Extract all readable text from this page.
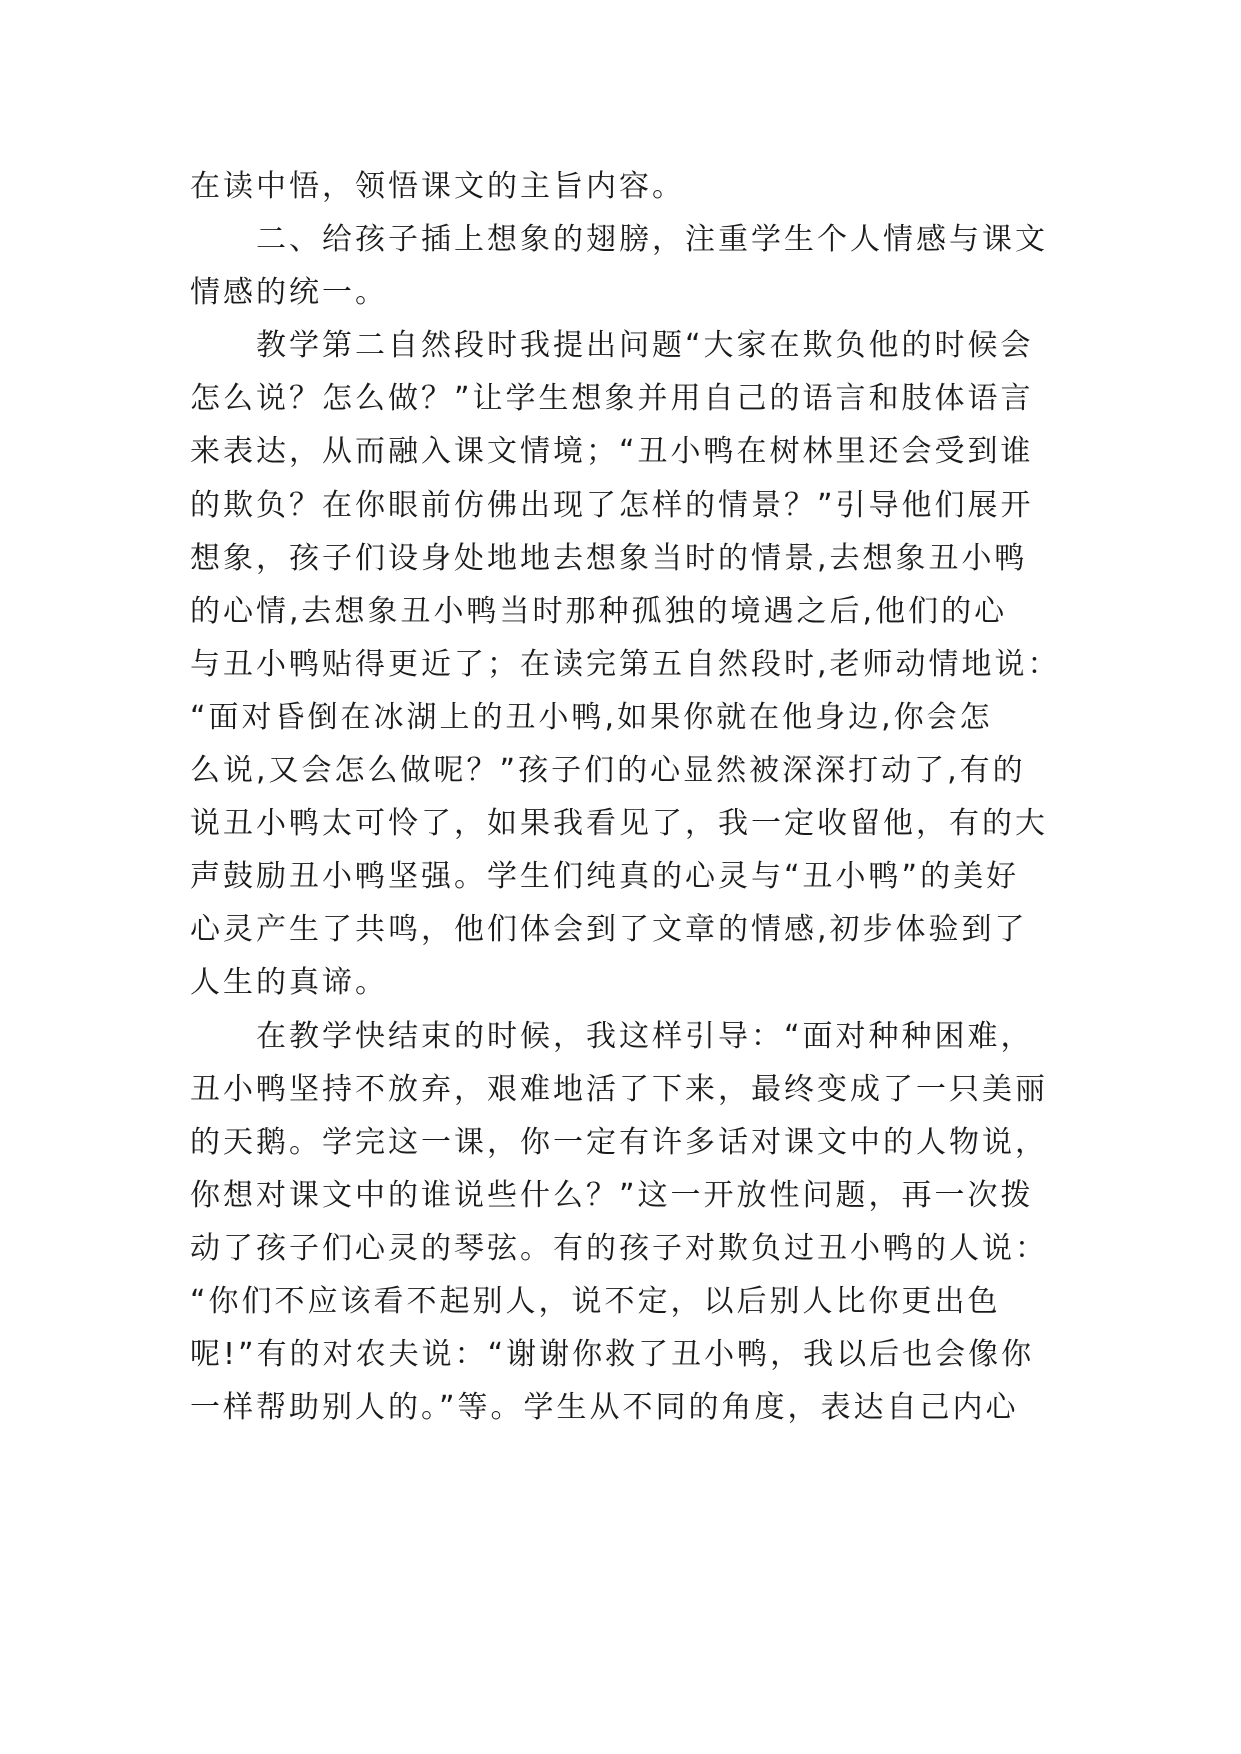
在读中悟，领悟课文的主旨内容。
二、给孩子插上想象的翅膀，注重学生个人情感与课文
情感的统一。
教学第二自然段时我提出问题“大家在欺负他的时候会
怎么说？怎么做？”让学生想象并用自己的语言和肢体语言
来表达，从而融入课文情境；“丑小鸭在树林里还会受到谁
的欺负？在你眼前仿佛出现了怎样的情景？”引导他们展开
想象，孩子们设身处地地去想象当时的情景,去想象丑小鸭
的心情,去想象丑小鸭当时那种孤独的境遇之后,他们的心
与丑小鸭贴得更近了；在读完第五自然段时,老师动情地说：
“面对昏倒在冰湖上的丑小鸭,如果你就在他身边,你会怎
么说,又会怎么做呢？”孩子们的心显然被深深打动了,有的
说丑小鸭太可怜了，如果我看见了，我一定收留他，有的大
声鼓励丑小鸭坚强。学生们纯真的心灵与“丑小鸭”的美好
心灵产生了共鸣，他们体会到了文章的情感,初步体验到了
人生的真谛。
在教学快结束的时候，我这样引导：“面对种种困难，
丑小鸭坚持不放弃，艰难地活了下来，最终变成了一只美丽
的天鹅。学完这一课，你一定有许多话对课文中的人物说，
你想对课文中的谁说些什么？”这一开放性问题，再一次拨
动了孩子们心灵的琴弦。有的孩子对欺负过丑小鸭的人说：
“你们不应该看不起别人，说不定，以后别人比你更出色
呢!”有的对农夫说：“谢谢你救了丑小鸭，我以后也会像你
一样帮助别人的。”等。学生从不同的角度，表达自己内心
